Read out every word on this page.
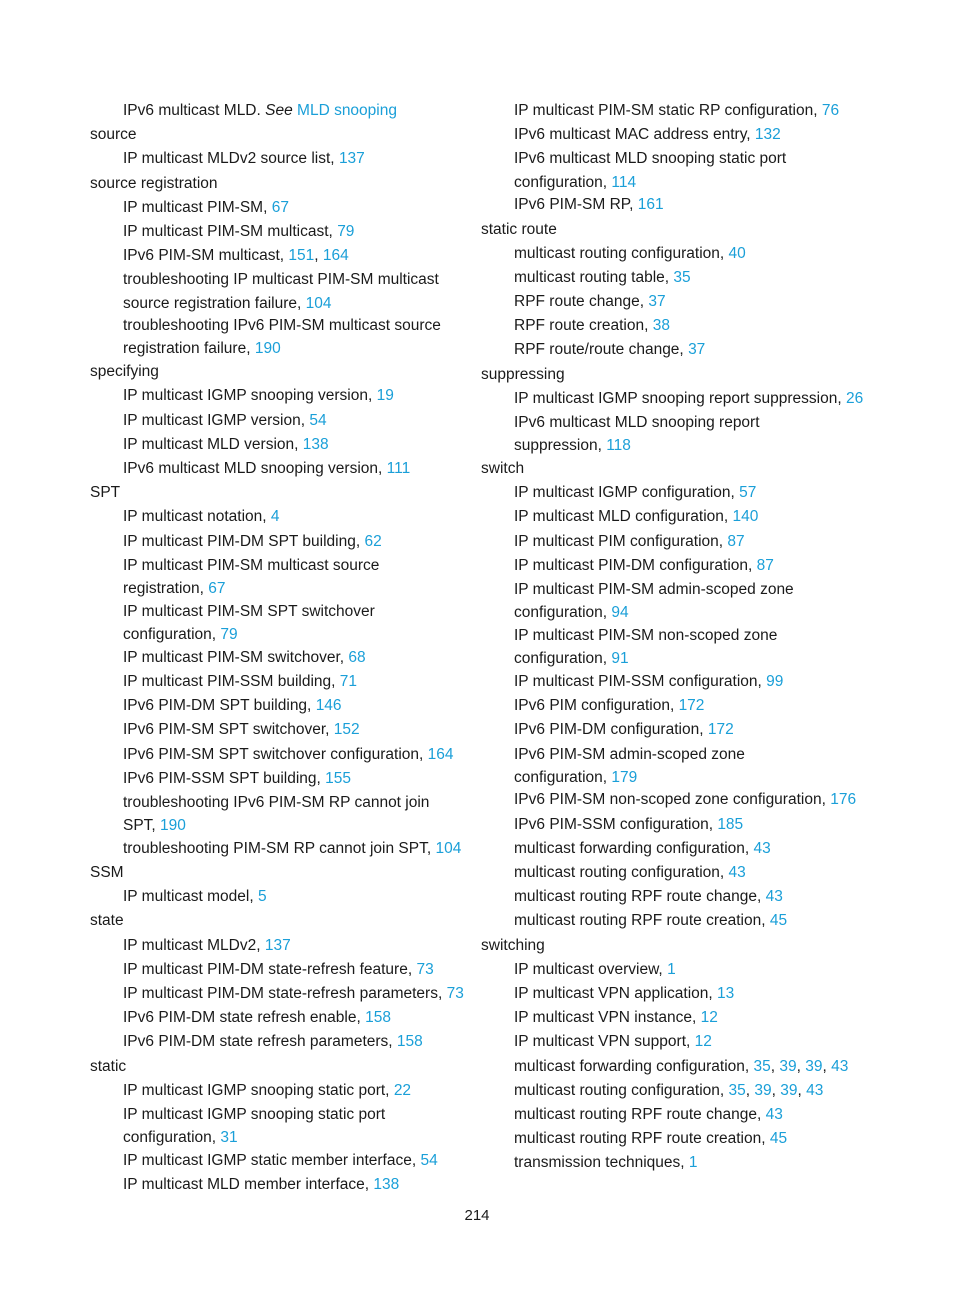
IPv6 multicast MLD. See MLD snooping
source
IP multicast MLDv2 source list, 137
source registration
IP multicast PIM-SM, 67
IP multicast PIM-SM multicast, 79
IPv6 PIM-SM multicast, 151, 164
troubleshooting IP multicast PIM-SM multicast
source registration failure, 104
troubleshooting IPv6 PIM-SM multicast source
registration failure, 190
specifying
IP multicast IGMP snooping version, 19
IP multicast IGMP version, 54
IP multicast MLD version, 138
IPv6 multicast MLD snooping version, 111
SPT
IP multicast notation, 4
IP multicast PIM-DM SPT building, 62
IP multicast PIM-SM multicast source
registration, 67
IP multicast PIM-SM SPT switchover
configuration, 79
IP multicast PIM-SM switchover, 68
IP multicast PIM-SSM building, 71
IPv6 PIM-DM SPT building, 146
IPv6 PIM-SM SPT switchover, 152
IPv6 PIM-SM SPT switchover configuration, 164
IPv6 PIM-SSM SPT building, 155
troubleshooting IPv6 PIM-SM RP cannot join
SPT, 190
troubleshooting PIM-SM RP cannot join SPT, 104
SSM
IP multicast model, 5
state
IP multicast MLDv2, 137
IP multicast PIM-DM state-refresh feature, 73
IP multicast PIM-DM state-refresh parameters, 73
IPv6 PIM-DM state refresh enable, 158
IPv6 PIM-DM state refresh parameters, 158
static
IP multicast IGMP snooping static port, 22
IP multicast IGMP snooping static port
configuration, 31
IP multicast IGMP static member interface, 54
IP multicast MLD member interface, 138
IP multicast PIM-SM static RP configuration, 76
IPv6 multicast MAC address entry, 132
IPv6 multicast MLD snooping static port
configuration, 114
IPv6 PIM-SM RP, 161
static route
multicast routing configuration, 40
multicast routing table, 35
RPF route change, 37
RPF route creation, 38
RPF route/route change, 37
suppressing
IP multicast IGMP snooping report suppression, 26
IPv6 multicast MLD snooping report
suppression, 118
switch
IP multicast IGMP configuration, 57
IP multicast MLD configuration, 140
IP multicast PIM configuration, 87
IP multicast PIM-DM configuration, 87
IP multicast PIM-SM admin-scoped zone
configuration, 94
IP multicast PIM-SM non-scoped zone
configuration, 91
IP multicast PIM-SSM configuration, 99
IPv6 PIM configuration, 172
IPv6 PIM-DM configuration, 172
IPv6 PIM-SM admin-scoped zone
configuration, 179
IPv6 PIM-SM non-scoped zone configuration, 176
IPv6 PIM-SSM configuration, 185
multicast forwarding configuration, 43
multicast routing configuration, 43
multicast routing RPF route change, 43
multicast routing RPF route creation, 45
switching
IP multicast overview, 1
IP multicast VPN application, 13
IP multicast VPN instance, 12
IP multicast VPN support, 12
multicast forwarding configuration, 35, 39, 39, 43
multicast routing configuration, 35, 39, 39, 43
multicast routing RPF route change, 43
multicast routing RPF route creation, 45
transmission techniques, 1
214
